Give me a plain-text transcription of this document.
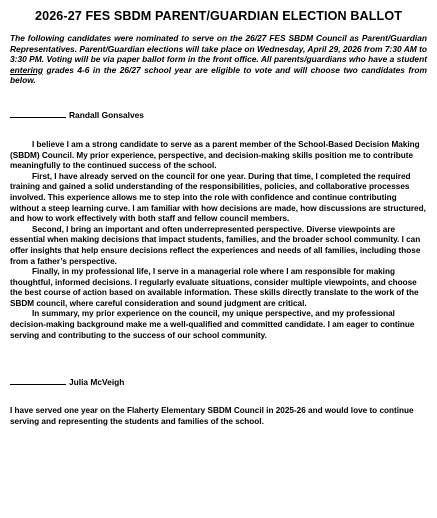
2026-27 FES SBDM PARENT/GUARDIAN ELECTION BALLOT

The following candidates were nominated to serve on the 26/27 FES SBDM Council as Parent/Guardian Representatives. Parent/Guardian elections will take place on Wednesday, April 29, 2026 from 7:30 AM to 3:30 PM. Voting will be via paper ballot form in the front office. All parents/guardians who have a student entering grades 4-6 in the 26/27 school year are eligible to vote and will choose two candidates from below.

Randall Gonsalves

I believe I am a strong candidate to serve as a parent member of the School-Based Decision Making (SBDM) Council. My prior experience, perspective, and decision-making skills position me to contribute meaningfully to the continued success of the school.

First, I have already served on the council for one year. During that time, I completed the required training and gained a solid understanding of the responsibilities, policies, and collaborative processes involved. This experience allows me to step into the role with confidence and continue contributing without a steep learning curve. I am familiar with how decisions are made, how discussions are structured, and how to work effectively with both staff and fellow council members.

Second, I bring an important and often underrepresented perspective. Diverse viewpoints are essential when making decisions that impact students, families, and the broader school community. I can offer insights that help ensure decisions reflect the experiences and needs of all families, including those from a father’s perspective.

Finally, in my professional life, I serve in a managerial role where I am responsible for making thoughtful, informed decisions. I regularly evaluate situations, consider multiple viewpoints, and choose the best course of action based on available information. These skills directly translate to the work of the SBDM council, where careful consideration and sound judgment are critical.

In summary, my prior experience on the council, my unique perspective, and my professional decision-making background make me a well-qualified and committed candidate. I am eager to continue serving and contributing to the success of our school community.

Julia McVeigh

I have served one year on the Flaherty Elementary SBDM Council in 2025-26 and would love to continue serving and representing the students and families of the school.
